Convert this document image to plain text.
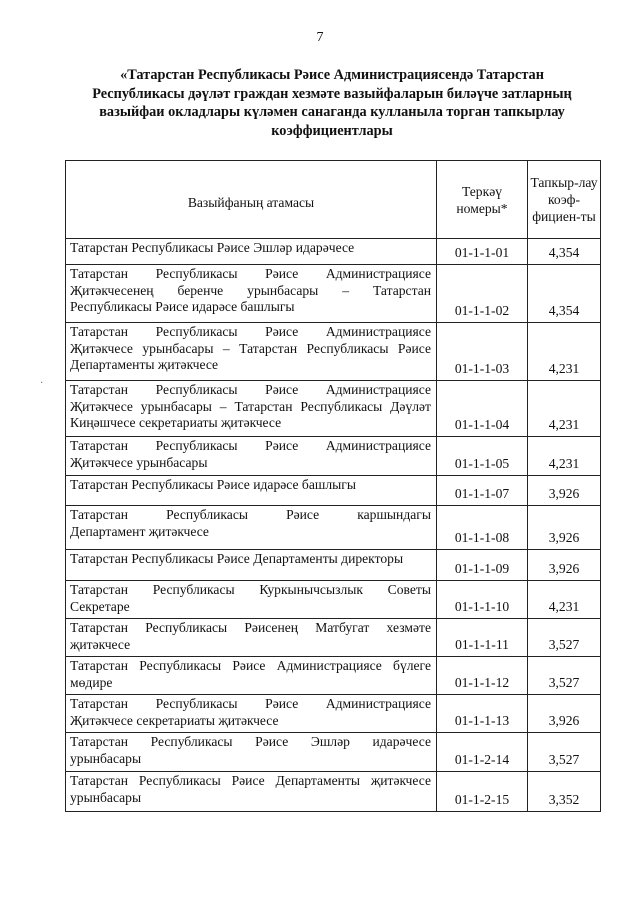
7
«Татарстан Республикасы Рәисе Администрациясендә Татарстан
Республикасы дәүләт граждан хезмәте вазыйфаларын биләүче затларның
вазыйфаи окладлары күләмен санаганда кулланыла торган тапкырлау
коэффициентлары
·
Вазыйфаның атамасы	Теркәү номеры*	Тапкыр-лау коэф-фициен-ты

Татарстан Республикасы Рәисе Эшләр идарәчесе	01-1-1-01	4,354

Татарстан Республикасы Рәисе Администрациясе
Җитәкчесенең беренче урынбасары – Татарстан
Республикасы Рәисе идарәсе башлыгы	01-1-1-02	4,354

Татарстан Республикасы Рәисе Администрациясе
Җитәкчесе урынбасары – Татарстан Республикасы Рәисе
Департаменты җитәкчесе	01-1-1-03	4,231

Татарстан Республикасы Рәисе Администрациясе
Җитәкчесе урынбасары – Татарстан Республикасы Дәүләт
Киңәшчесе секретариаты җитәкчесе	01-1-1-04	4,231

Татарстан Республикасы Рәисе Администрациясе
Җитәкчесе урынбасары	01-1-1-05	4,231

Татарстан Республикасы Рәисе идарәсе башлыгы	01-1-1-07	3,926

Татарстан Республикасы Рәисе каршындагы
Департамент җитәкчесе	01-1-1-08	3,926

Татарстан Республикасы Рәисе Департаменты директоры	01-1-1-09	3,926

Татарстан Республикасы Куркынычсызлык Советы
Секретаре	01-1-1-10	4,231

Татарстан Республикасы Рәисенең Матбугат хезмәте
җитәкчесе	01-1-1-11	3,527

Татарстан Республикасы Рәисе Администрациясе бүлеге
мөдире	01-1-1-12	3,527

Татарстан Республикасы Рәисе Администрациясе
Җитәкчесе секретариаты җитәкчесе	01-1-1-13	3,926

Татарстан Республикасы Рәисе Эшләр идарәчесе
урынбасары	01-1-2-14	3,527

Татарстан Республикасы Рәисе Департаменты җитәкчесе
урынбасары	01-1-2-15	3,352
